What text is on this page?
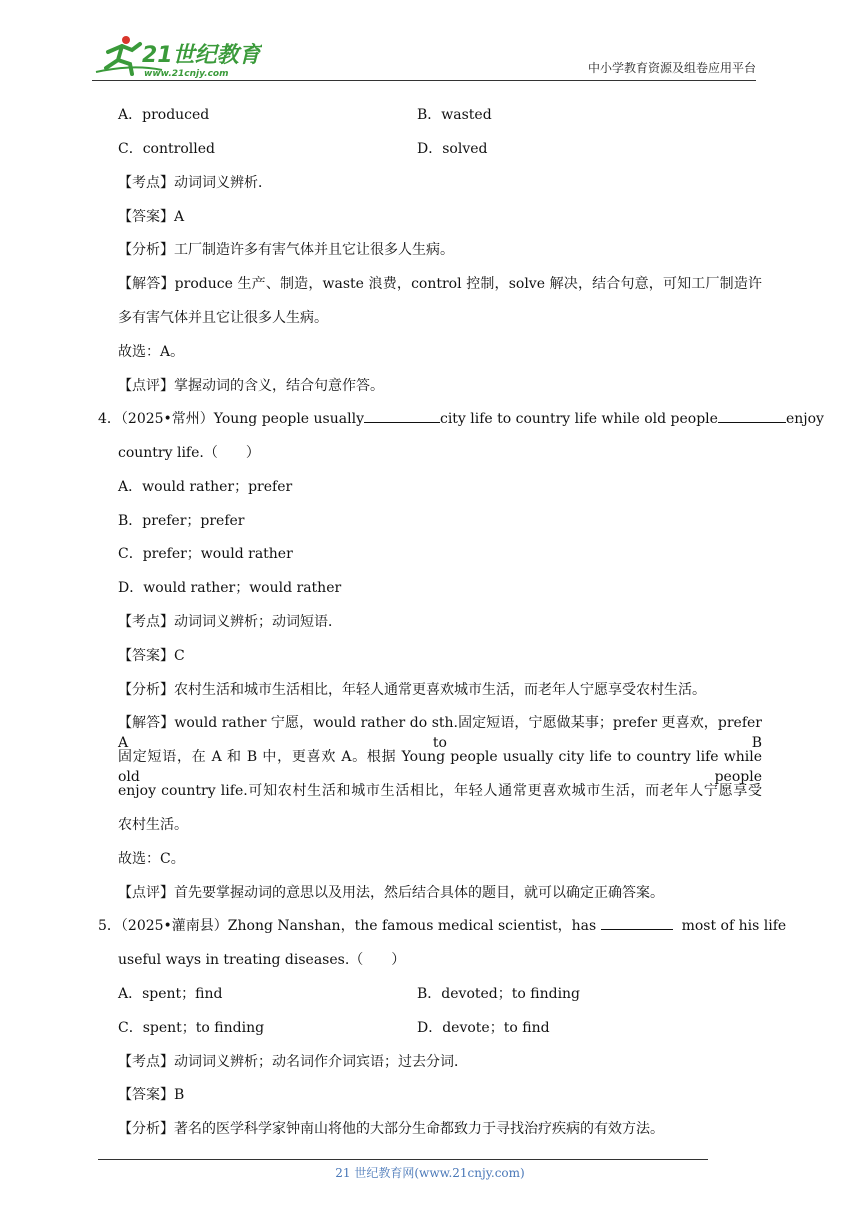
21世纪教育
www.21cnjy.com	中小学教育资源及组卷应用平台
A．produced	B．wasted
C．controlled	D．solved
【考点】动词词义辨析．
【答案】A
【分析】工厂制造许多有害气体并且它让很多人生病。
【解答】produce 生产、制造，waste 浪费，control 控制，solve 解决，结合句意，可知工厂制造许
多有害气体并且它让很多人生病。
故选：A。
【点评】掌握动词的含义，结合句意作答。
4．（2025•常州）Young people usually	city life to country life while old people	enjoy
country life.（　　）
A．would rather；prefer
B．prefer；prefer
C．prefer；would rather
D．would rather；would rather
【考点】动词词义辨析；动词短语．
【答案】C
【分析】农村生活和城市生活相比，年轻人通常更喜欢城市生活，而老年人宁愿享受农村生活。
【解答】would rather 宁愿，would rather do sth.固定短语，宁愿做某事；prefer 更喜欢，prefer A to B
固定短语，在 A 和 B 中，更喜欢 A。根据 Young people usually city life to country life while old people
enjoy country life.可知农村生活和城市生活相比，年轻人通常更喜欢城市生活，而老年人宁愿享受
农村生活。
故选：C。
【点评】首先要掌握动词的意思以及用法，然后结合具体的题目，就可以确定正确答案。
5．（2025•灌南县）Zhong Nanshan，the famous medical scientist，has	most of his life
useful ways in treating diseases.（　　）
A．spent；find	B．devoted；to finding
C．spent；to finding	D．devote；to find
【考点】动词词义辨析；动名词作介词宾语；过去分词．
【答案】B
【分析】著名的医学科学家钟南山将他的大部分生命都致力于寻找治疗疾病的有效方法。
21 世纪教育网(www.21cnjy.com)
